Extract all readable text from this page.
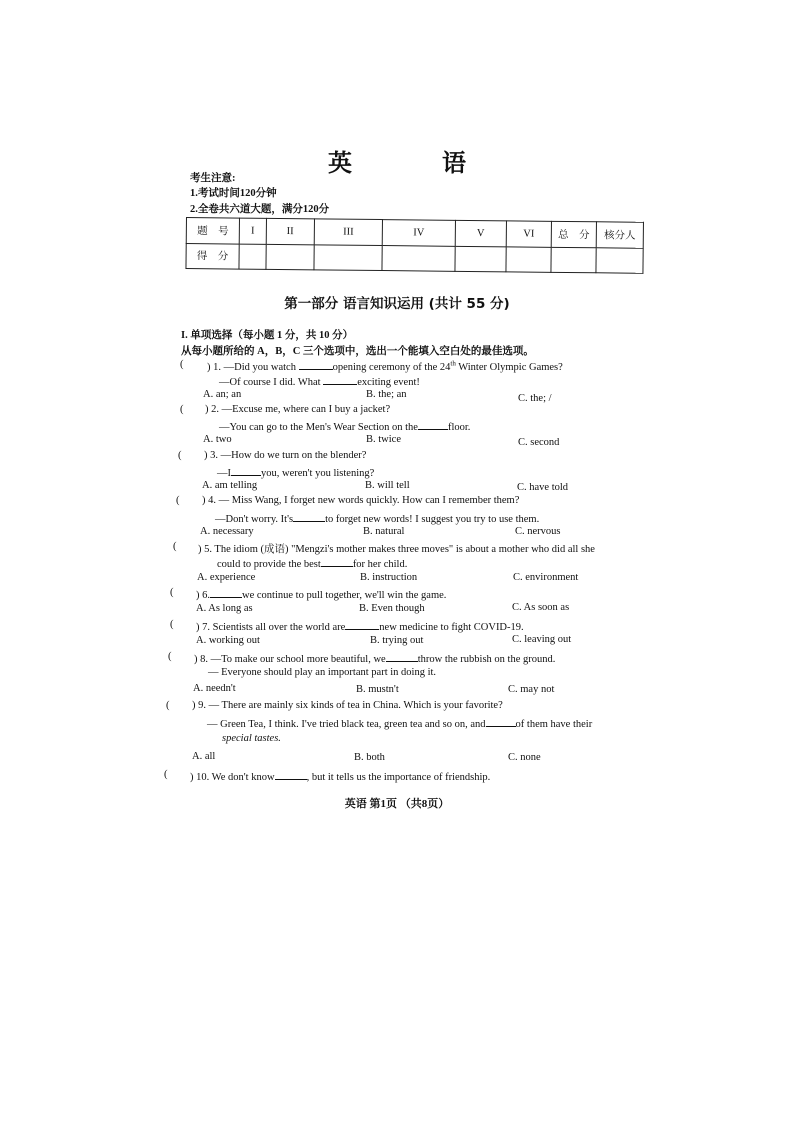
英 语
考生注意:
1.考试时间120分钟
2.全卷共六道大题，满分120分
题　号	I	II	III	IV	V	VI	总　分	核分人
得　分								
第一部分 语言知识运用 (共计 55 分)
I. 单项选择（每小题 1 分，共 10 分）
从每小题所给的 A，B，C 三个选项中，选出一个能填入空白处的最佳选项。
( ) 1. —Did you watch	opening ceremony of the 24th Winter Olympic Games?
—Of course I did. What	exciting event!
A. an; an	B. the; an	C. the; /
( ) 2. —Excuse me, where can I buy a jacket?
—You can go to the Men's Wear Section on the	floor.
A. two	B. twice	C. second
( ) 3. —How do we turn on the blender?
—I	you, weren't you listening?
A. am telling	B. will tell	C. have told
( ) 4. — Miss Wang, I forget new words quickly. How can I remember them?
—Don't worry. It's	to forget new words! I suggest you try to use them.
A. necessary	B. natural	C. nervous
( ) 5. The idiom (成语) "Mengzi's mother makes three moves" is about a mother who did all she
could to provide the best	for her child.
A. experience	B. instruction	C. environment
( ) 6.	we continue to pull together, we'll win the game.
A. As long as	B. Even though	C. As soon as
( ) 7. Scientists all over the world are	new medicine to fight COVID-19.
A. working out	B. trying out	C. leaving out
( ) 8. —To make our school more beautiful, we	throw the rubbish on the ground.
— Everyone should play an important part in doing it.
A. needn't	B. mustn't	C. may not
( ) 9. — There are mainly six kinds of tea in China. Which is your favorite?
— Green Tea, I think. I've tried black tea, green tea and so on, and	of them have their
special tastes.
A. all	B. both	C. none
( ) 10. We don't know	, but it tells us the importance of friendship.
英语 第1页 （共8页）
